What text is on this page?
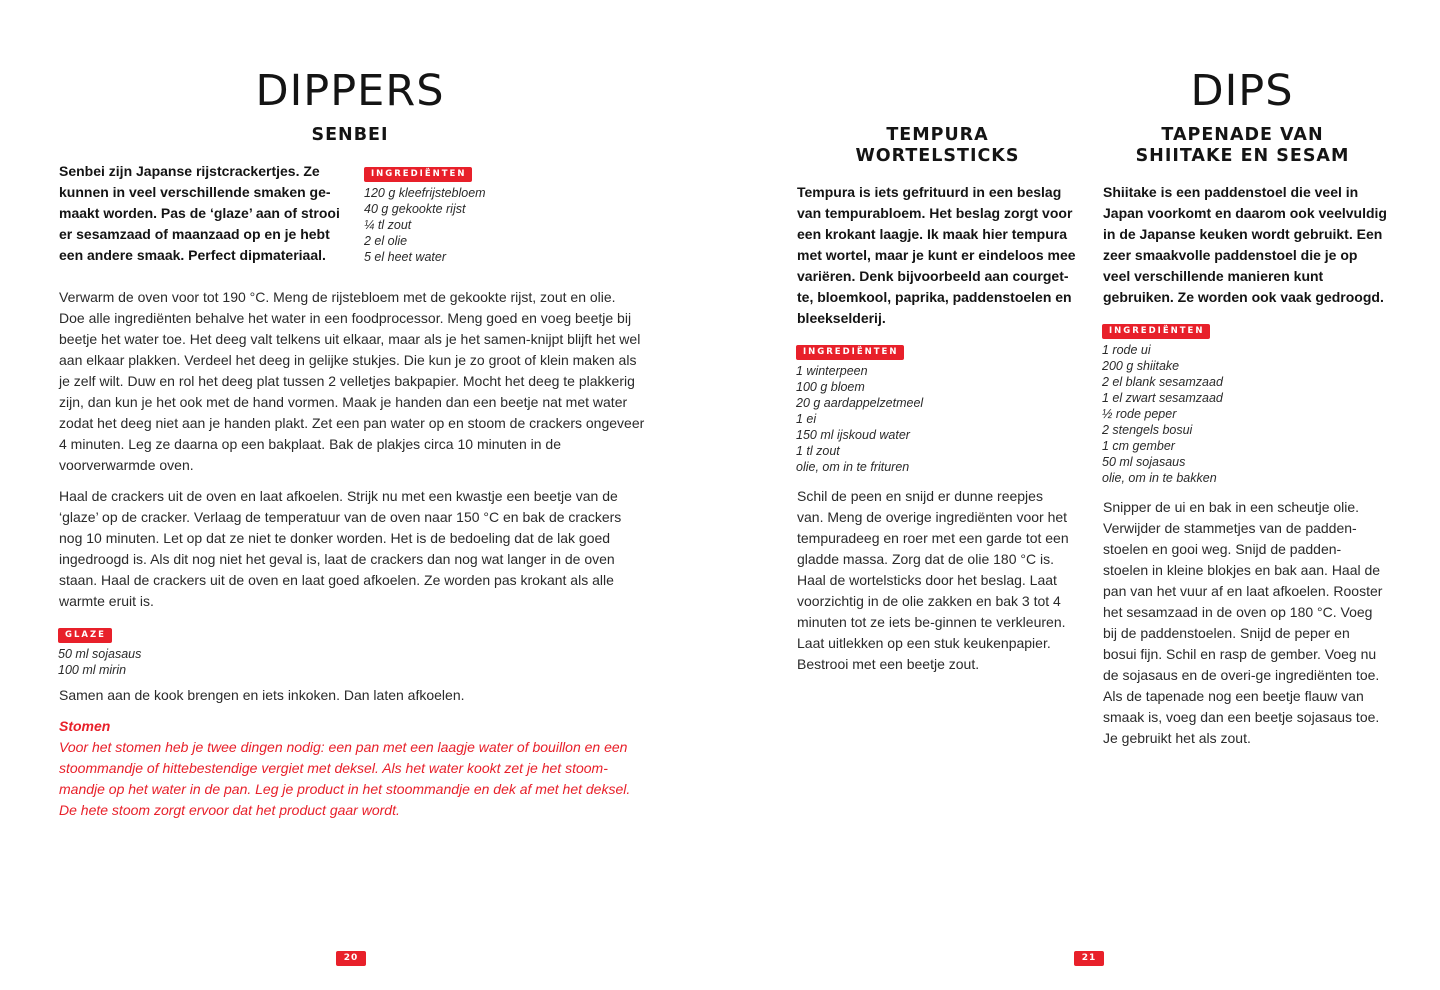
DIPPERS
SENBEI

Senbei zijn Japanse rijstcrackertjes. Ze kunnen in veel verschillende smaken ge-maakt worden. Pas de ‘glaze’ aan of strooi er sesamzaad of maanzaad op en je hebt een andere smaak. Perfect dipmateriaal.

INGREDIËNTEN
120 g kleefrijstebloem
40 g gekookte rijst
¼ tl zout
2 el olie
5 el heet water

Verwarm de oven voor tot 190 °C. Meng de rijstebloem met de gekookte rijst, zout en olie. Doe alle ingrediënten behalve het water in een foodprocessor. Meng goed en voeg beetje bij beetje het water toe. Het deeg valt telkens uit elkaar, maar als je het samen-knijpt blijft het wel aan elkaar plakken. Verdeel het deeg in gelijke stukjes. Die kun je zo groot of klein maken als je zelf wilt. Duw en rol het deeg plat tussen 2 velletjes bakpapier. Mocht het deeg te plakkerig zijn, dan kun je het ook met de hand vormen. Maak je handen dan een beetje nat met water zodat het deeg niet aan je handen plakt. Zet een pan water op en stoom de crackers ongeveer 4 minuten. Leg ze daarna op een bakplaat. Bak de plakjes circa 10 minuten in de voorverwarmde oven.

Haal de crackers uit de oven en laat afkoelen. Strijk nu met een kwastje een beetje van de ‘glaze’ op de cracker. Verlaag de temperatuur van de oven naar 150 °C en bak de crackers nog 10 minuten. Let op dat ze niet te donker worden. Het is de bedoeling dat de lak goed ingedroogd is. Als dit nog niet het geval is, laat de crackers dan nog wat langer in de oven staan. Haal de crackers uit de oven en laat goed afkoelen. Ze worden pas krokant als alle warmte eruit is.

GLAZE
50 ml sojasaus
100 ml mirin

Samen aan de kook brengen en iets inkoken. Dan laten afkoelen.

Stomen

Voor het stomen heb je twee dingen nodig: een pan met een laagje water of bouillon en een stoommandje of hittebestendige vergiet met deksel. Als het water kookt zet je het stoom-mandje op het water in de pan. Leg je product in het stoommandje en dek af met het deksel. De hete stoom zorgt ervoor dat het product gaar wordt.

20
DIPS
TEMPURA WORTELSTICKS

Tempura is iets gefrituurd in een beslag van tempurabloem. Het beslag zorgt voor een krokant laagje. Ik maak hier tempura met wortel, maar je kunt er eindeloos mee variëren. Denk bijvoorbeeld aan courget-te, bloemkool, paprika, paddenstoelen en bleekselderij.

INGREDIËNTEN
1 winterpeen
100 g bloem
20 g aardappelzetmeel
1 ei
150 ml ijskoud water
1 tl zout
olie, om in te frituren

Schil de peen en snijd er dunne reepjes van. Meng de overige ingrediënten voor het tempuradeeg en roer met een garde tot een gladde massa. Zorg dat de olie 180 °C is. Haal de wortelsticks door het beslag. Laat voorzichtig in de olie zakken en bak 3 tot 4 minuten tot ze iets be-ginnen te verkleuren. Laat uitlekken op een stuk keukenpapier. Bestrooi met een beetje zout.

TAPENADE VAN SHIITAKE EN SESAM

Shiitake is een paddenstoel die veel in Japan voorkomt en daarom ook veelvuldig in de Japanse keuken wordt gebruikt. Een zeer smaakvolle paddenstoel die je op veel verschillende manieren kunt gebruiken. Ze worden ook vaak gedroogd.

INGREDIËNTEN
1 rode ui
200 g shiitake
2 el blank sesamzaad
1 el zwart sesamzaad
½ rode peper
2 stengels bosui
1 cm gember
50 ml sojasaus
olie, om in te bakken

Snipper de ui en bak in een scheutje olie. Verwijder de stammetjes van de padden-stoelen en gooi weg. Snijd de padden-stoelen in kleine blokjes en bak aan. Haal de pan van het vuur af en laat afkoelen. Rooster het sesamzaad in de oven op 180 °C. Voeg bij de paddenstoelen. Snijd de peper en bosui fijn. Schil en rasp de gember. Voeg nu de sojasaus en de overi-ge ingrediënten toe. Als de tapenade nog een beetje flauw van smaak is, voeg dan een beetje sojasaus toe. Je gebruikt het als zout.

21
